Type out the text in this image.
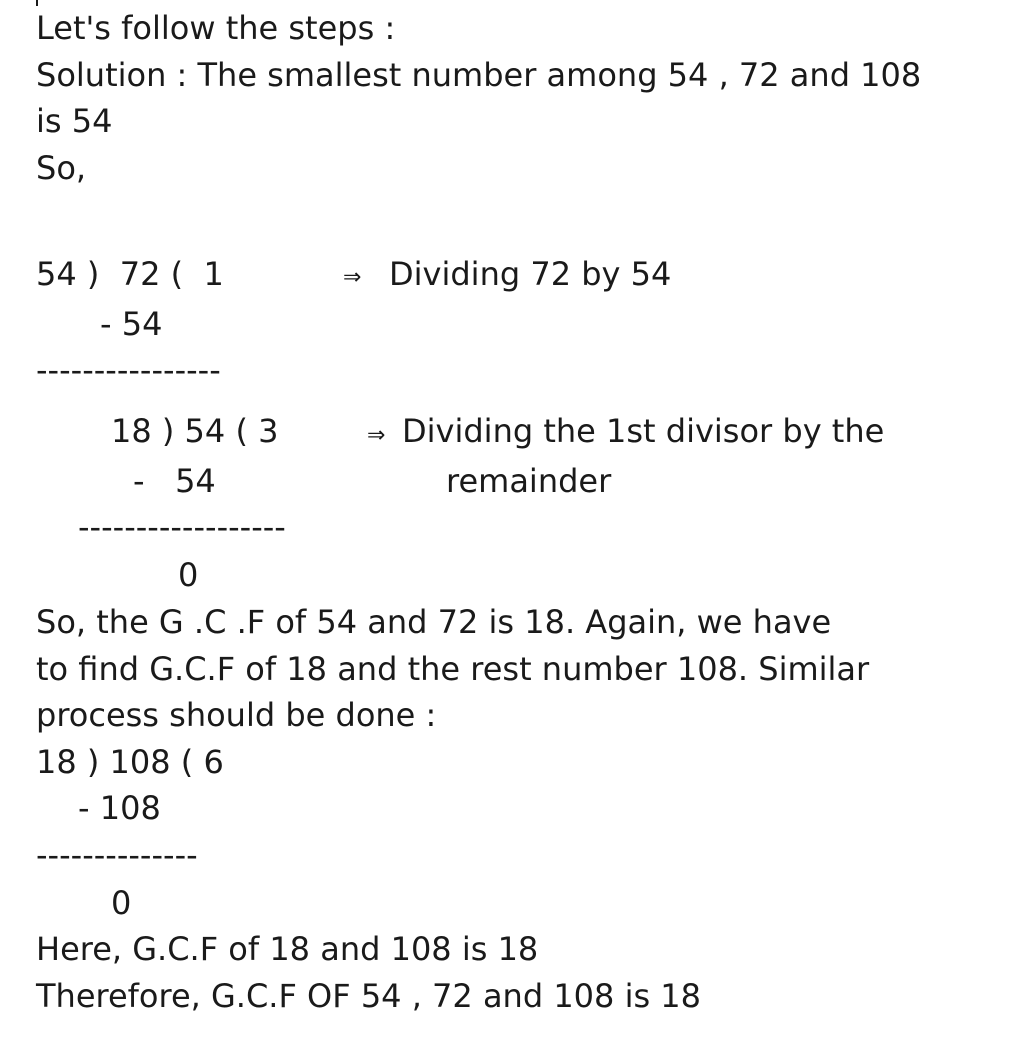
Let's follow the steps :
Solution : The smallest number among 54 , 72 and 108
is 54
So,
54 )  72 (  1	⇒ Dividing 72 by 54
- 54
----------------
18 ) 54 ( 3	⇒ Dividing the 1st divisor by the
-   54	remainder
------------------
0
So, the G .C .F of 54 and 72 is 18. Again, we have
to find G.C.F of 18 and the rest number 108. Similar
process should be done :
18 ) 108 ( 6
- 108
--------------
0
Here, G.C.F of 18 and 108 is 18
Therefore, G.C.F OF 54 , 72 and 108 is 18
